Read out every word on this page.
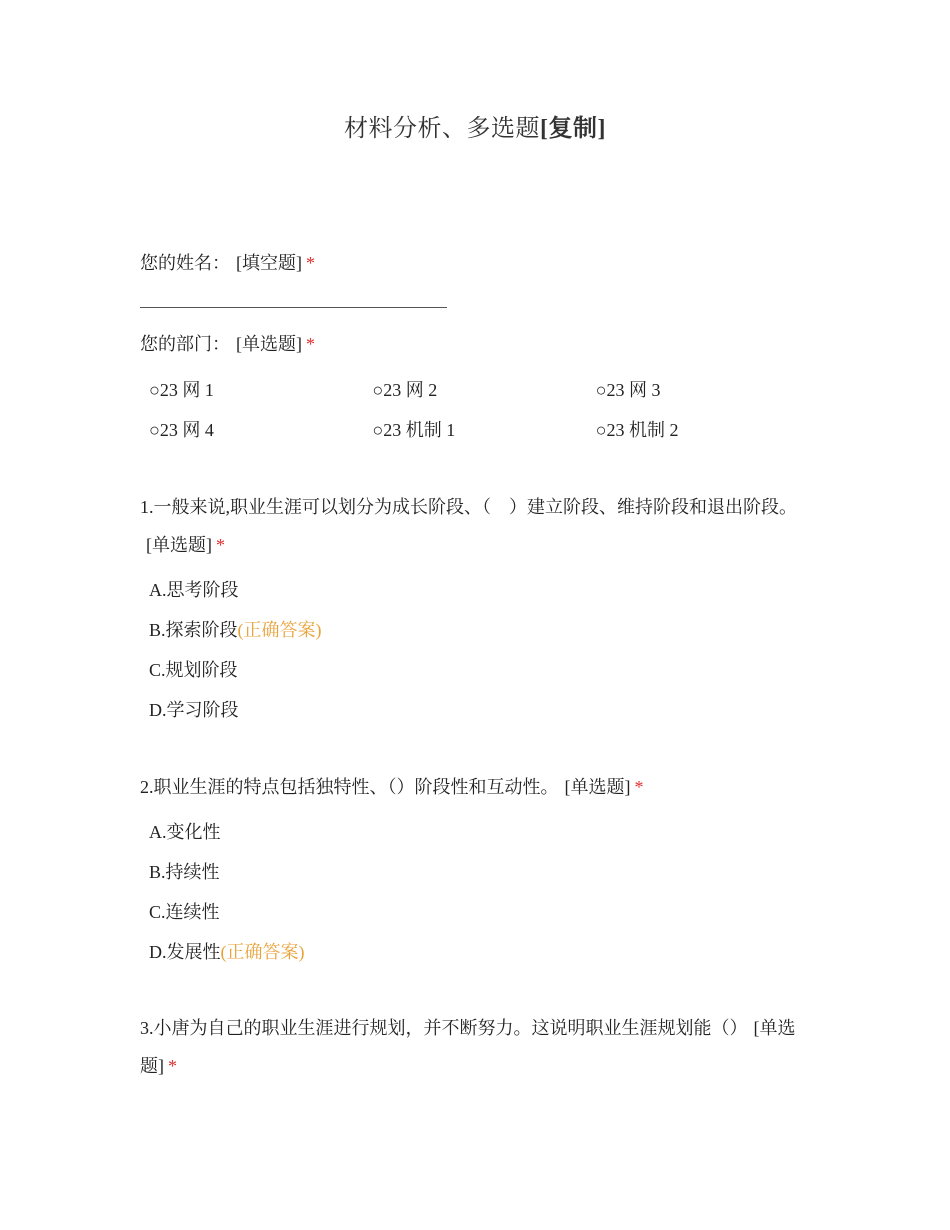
材料分析、多选题[复制]
您的姓名： [填空题] *
您的部门： [单选题] *
○23 网 1	○23 网 2	○23 网 3
○23 网 4	○23 机制 1	○23 机制 2
1.一般来说,职业生涯可以划分为成长阶段、（　）建立阶段、维持阶段和退出阶段。[单选题] *
A.思考阶段
B.探索阶段(正确答案)
C.规划阶段
D.学习阶段
2.职业生涯的特点包括独特性、（）阶段性和互动性。 [单选题] *
A.变化性
B.持续性
C.连续性
D.发展性(正确答案)
3.小唐为自己的职业生涯进行规划，并不断努力。这说明职业生涯规划能（） [单选题] *
